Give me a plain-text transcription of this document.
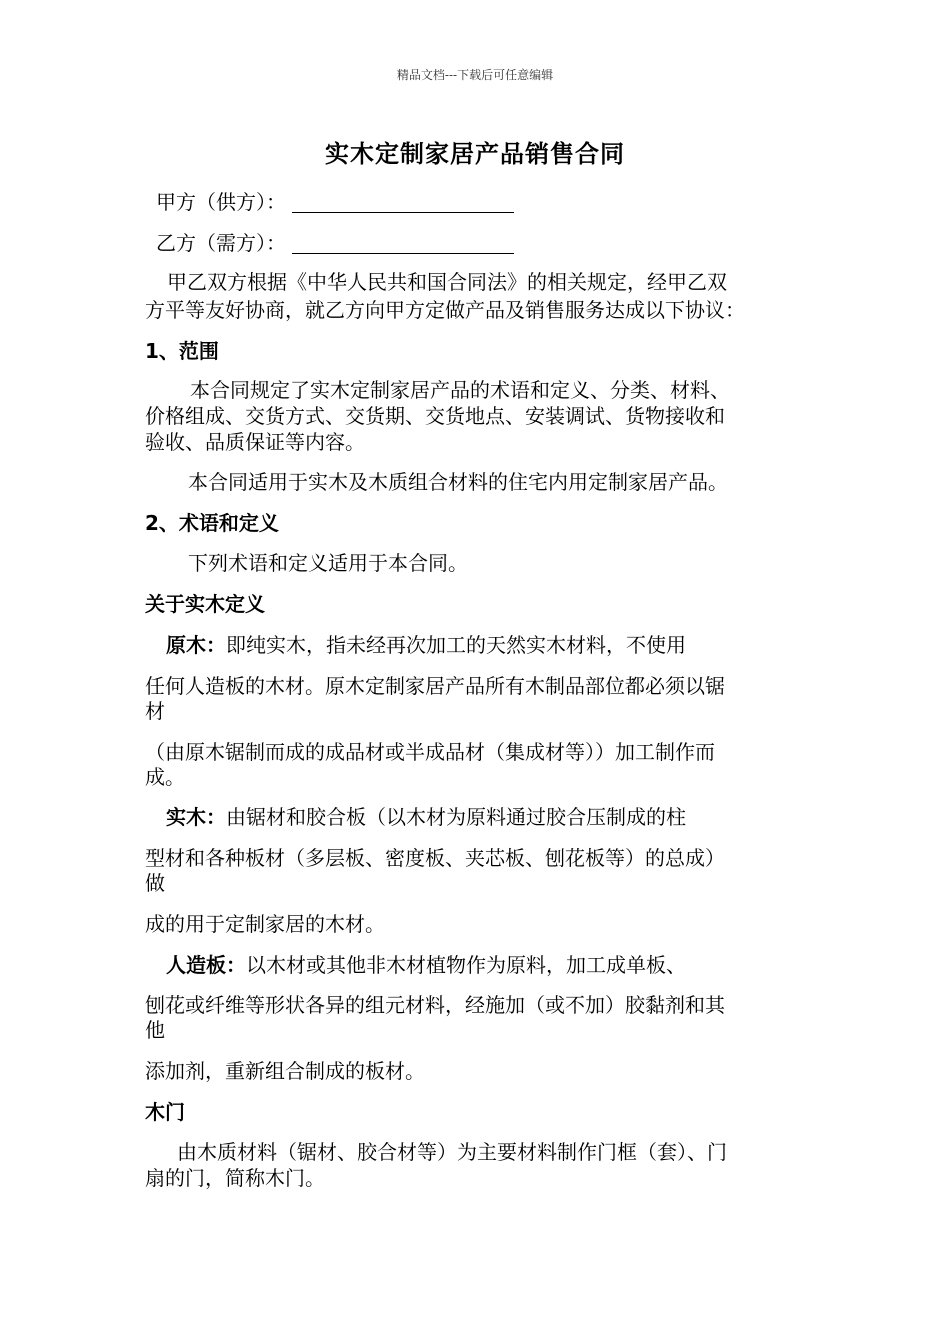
精品文档---下载后可任意编辑
实木定制家居产品销售合同
甲方（供方）：
乙方（需方）：
甲乙双方根据《中华人民共和国合同法》的相关规定，经甲乙双
方平等友好协商，就乙方向甲方定做产品及销售服务达成以下协议：
1、范围
本合同规定了实木定制家居产品的术语和定义、分类、材料、
价格组成、交货方式、交货期、交货地点、安装调试、货物接收和
验收、品质保证等内容。
本合同适用于实木及木质组合材料的住宅内用定制家居产品。
2、术语和定义
下列术语和定义适用于本合同。
关于实木定义
原木：即纯实木，指未经再次加工的天然实木材料，不使用
任何人造板的木材。原木定制家居产品所有木制品部位都必须以锯
材
（由原木锯制而成的成品材或半成品材（集成材等））加工制作而
成。
实木：由锯材和胶合板（以木材为原料通过胶合压制成的柱
型材和各种板材（多层板、密度板、夹芯板、刨花板等）的总成）
做
成的用于定制家居的木材。
人造板：以木材或其他非木材植物作为原料，加工成单板、
刨花或纤维等形状各异的组元材料，经施加（或不加）胶黏剂和其
他
添加剂，重新组合制成的板材。
木门
由木质材料（锯材、胶合材等）为主要材料制作门框（套）、门
扇的门，简称木门。
